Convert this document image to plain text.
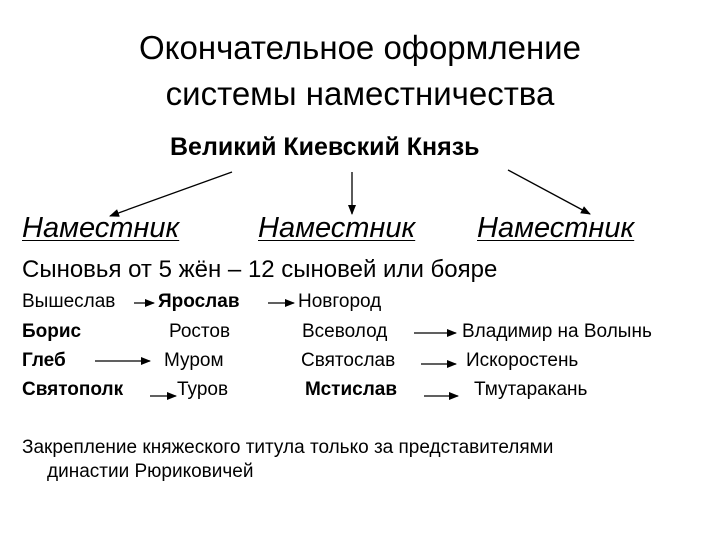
Окончательное оформление
системы наместничества
Великий Киевский Князь
Наместник	Наместник Наместник
Сыновья от 5 жён – 12 сыновей или бояре
Вышеслав Ярослав	Новгород
Борис	Ростов	Всеволод	Владимир на Волынь
Глеб	Муром	Святослав	Искоростень
Святополк	Туров	Мстислав	Тмутаракань
Закрепление княжеского титула только за представителями
династии Рюриковичей
